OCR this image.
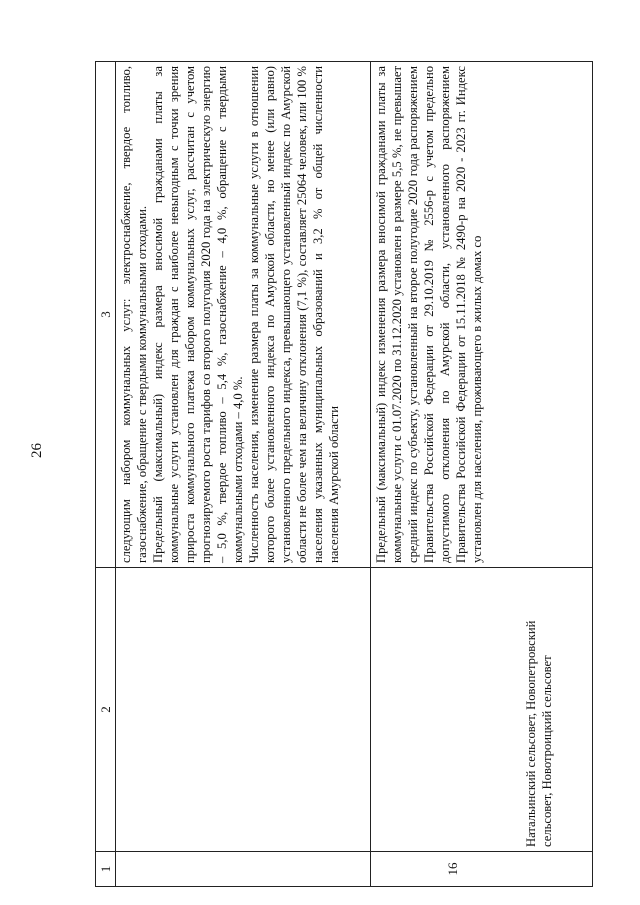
26
1
2
3 следующим набором коммунальных услуг: электроснабжение, твердое топливо, газоснабжение, обращение с твердыми коммунальными отходами. Предельный (максимальный) индекс размера вносимой гражданами платы за коммунальные услуги установлен для граждан с наиболее невыгодным с точки зрения прироста коммунального платежа набором коммунальных услуг, рассчитан с учетом прогнозируемого роста тарифов со второго полугодия 2020 года на электрическую энергию – 5,0 %, твердое топливо – 5,4 %, газоснабжение – 4,0 %, обращение с твердыми коммунальными отходами – 4,0 %. Численность населения, изменение размера платы за коммунальные услуги в отношении которого более установленного индекса по Амурской области, но менее (или равно) установленного предельного индекса, превышающего установленный индекс по Амурской области не более чем на величину отклонения (7,1 %), составляет 25064 человек, или 100 % населения указанных муниципальных образований и 3,2 % от общей численности населения Амурской области

16
Натальинский сельсовет, Новопетровский сельсовет, Новотроицкий сельсовет

Предельный (максимальный) индекс изменения размера вносимой гражданами платы за коммунальные услуги с 01.07.2020 по 31.12.2020 установлен в размере 5,5 %, не превышает средний индекс по субъекту, установленный на второе полугодие 2020 года распоряжением Правительства Российской Федерации от 29.10.2019 № 2556-р с учетом предельно допустимого отклонения по Амурской области, установленного распоряжением Правительства Российской Федерации от 15.11.2018 № 2490-р на 2020 - 2023 гг. Индекс установлен для населения, проживающего в жилых домах со
